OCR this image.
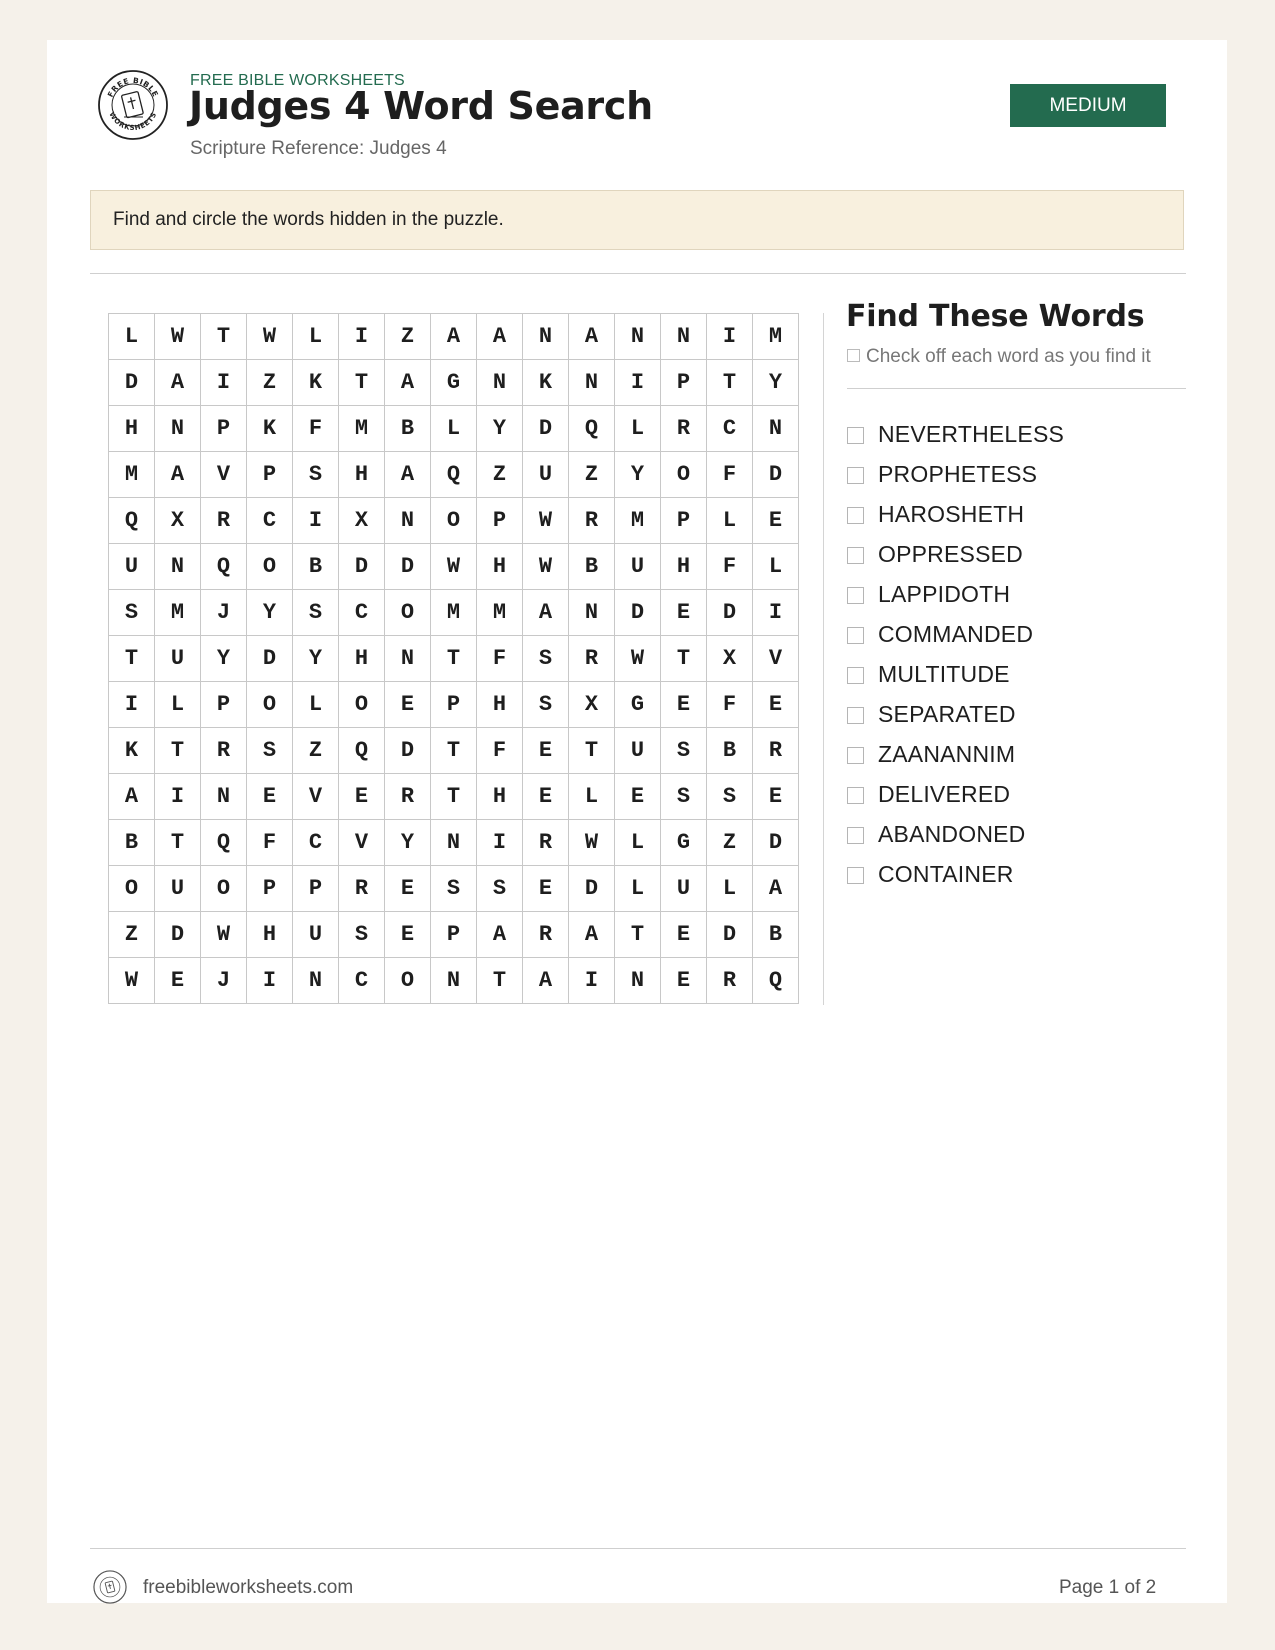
FREE BIBLE
WORKSHEETS
FREE BIBLE WORKSHEETS
Judges 4 Word Search
Scripture Reference: Judges 4
MEDIUM
Find and circle the words hidden in the puzzle.
L	W	T	W	L	I	Z	A	A	N	A	N	N	I	M
D	A	I	Z	K	T	A	G	N	K	N	I	P	T	Y
H	N	P	K	F	M	B	L	Y	D	Q	L	R	C	N
M	A	V	P	S	H	A	Q	Z	U	Z	Y	O	F	D
Q	X	R	C	I	X	N	O	P	W	R	M	P	L	E
U	N	Q	O	B	D	D	W	H	W	B	U	H	F	L
S	M	J	Y	S	C	O	M	M	A	N	D	E	D	I
T	U	Y	D	Y	H	N	T	F	S	R	W	T	X	V
I	L	P	O	L	O	E	P	H	S	X	G	E	F	E
K	T	R	S	Z	Q	D	T	F	E	T	U	S	B	R
A	I	N	E	V	E	R	T	H	E	L	E	S	S	E
B	T	Q	F	C	V	Y	N	I	R	W	L	G	Z	D
O	U	O	P	P	R	E	S	S	E	D	L	U	L	A
Z	D	W	H	U	S	E	P	A	R	A	T	E	D	B
W	E	J	I	N	C	O	N	T	A	I	N	E	R	Q
Find These Words
Check off each word as you find it
NEVERTHELESS
PROPHETESS
HAROSHETH
OPPRESSED
LAPPIDOTH
COMMANDED
MULTITUDE
SEPARATED
ZAANANNIM
DELIVERED
ABANDONED
CONTAINER
freebibleworksheets.com	Page 1 of 2
